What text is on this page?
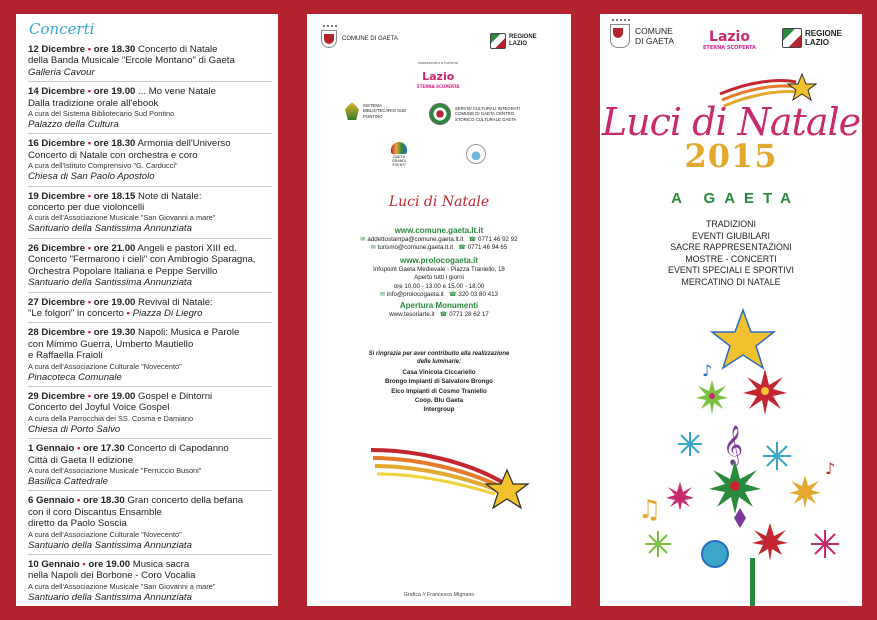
Concerti
12 Dicembre • ore 18.30 Concerto di Natale
della Banda Musicale "Ercole Montano" di Gaeta
Galleria Cavour
14 Dicembre • ore 19.00 ... Mo vene Natale
Dalla tradizione orale all'ebook
A cura del Sistema Bibliotecario Sud Pontino
Palazzo della Cultura
16 Dicembre • ore 18.30 Armonia dell'Universo
Concerto di Natale con orchestra e coro
A cura dell'Istituto Comprensivo "G. Carducci"
Chiesa di San Paolo Apostolo
19 Dicembre • ore 18.15 Note di Natale:
concerto per due violoncelli
A cura dell'Associazione Musicale "San Giovanni a mare"
Santuario della Santissima Annunziata
26 Dicembre • ore 21.00 Angeli e pastori XIII ed.
Concerto "Fermarono i cieli" con Ambrogio Sparagna,
Orchestra Popolare Italiana e Peppe Servillo
Santuario della Santissima Annunziata
27 Dicembre • ore 19.00 Revival di Natale:
"Le folgori" in concerto • Piazza Di Liegro
28 Dicembre • ore 19.30 Napoli: Musica e Parole
con Mimmo Guerra, Umberto Mautiello
e Raffaella Fraioli
A cura dell'Associazione Culturale "Novecento"
Pinacoteca Comunale
29 Dicembre • ore 19.00 Gospel e Dintorni
Concerto del Joyful Voice Gospel
A cura della Parrocchia dei SS. Cosma e Damiano
Chiesa di Porto Salvo
1 Gennaio • ore 17.30 Concerto di Capodanno
Città di Gaeta II edizione
A cura dell'Associazione Musicale "Ferruccio Busoni"
Basilica Cattedrale
6 Gennaio • ore 18.30 Gran concerto della befana
con il coro Discantus Ensamble
diretto da Paolo Soscia
A cura dell'Associazione Culturale "Novecento"
Santuario della Santissima Annunziata
10 Gennaio • ore 19.00 Musica sacra
nella Napoli dei Borbone - Coro Vocalia
A cura dell'Associazione Musicale "San Giovanni a mare"
Santuario della Santissima Annunziata
COMUNE DI GAETA	REGIONE
LAZIO
assessorato a turismo
Lazio
ETERNA SCOPERTA
SISTEMA BIBLIOTECARIO SUD PONTINO
SERVIZI CULTURALI INTEGRATI COMUNE DI GAETA CENTRO STORICO CULTURALE GAETA
GAETA GRANDI EVENTI
Luci di Natale
www.comune.gaeta.lt.it
✉ addettostampa@comune.gaeta.lt.it ☎ 0771 46 92 92
✉ turismo@comune.gaeta.lt.it ☎ 0771 46 94 65
www.prolocogaeta.it
Infopoint Gaeta Medievale - Piazza Traniello, 18
Aperto tutti i giorni
ore 10.00 - 13.00 e 15.00 - 18.00
✉ info@prolocogaeta.it ☎ 320 03 80 413
Apertura Monumenti
www.tesoriarte.it ☎ 0771 28 62 17
Si ringrazia per aver contribuito alla realizzazione
delle luminarie:
Casa Vinicola Ciccariello
Brongo Impianti di Salvatore Brongo
Elco Impianti di Cosmo Traniello
Coop. Blu Gaeta
Intergroup
Grafica // Francesco Mignano
COMUNE
DI GAETA	Lazio
ETERNA SCOPERTA
REGIONE
LAZIO
Luci di Natale
2015
A GAETA
TRADIZIONI
EVENTI GIUBILARI
SACRE RAPPRESENTAZIONI
MOSTRE - CONCERTI
EVENTI SPECIALI E SPORTIVI
MERCATINO DI NATALE
𝄞
♫
♪
♪
